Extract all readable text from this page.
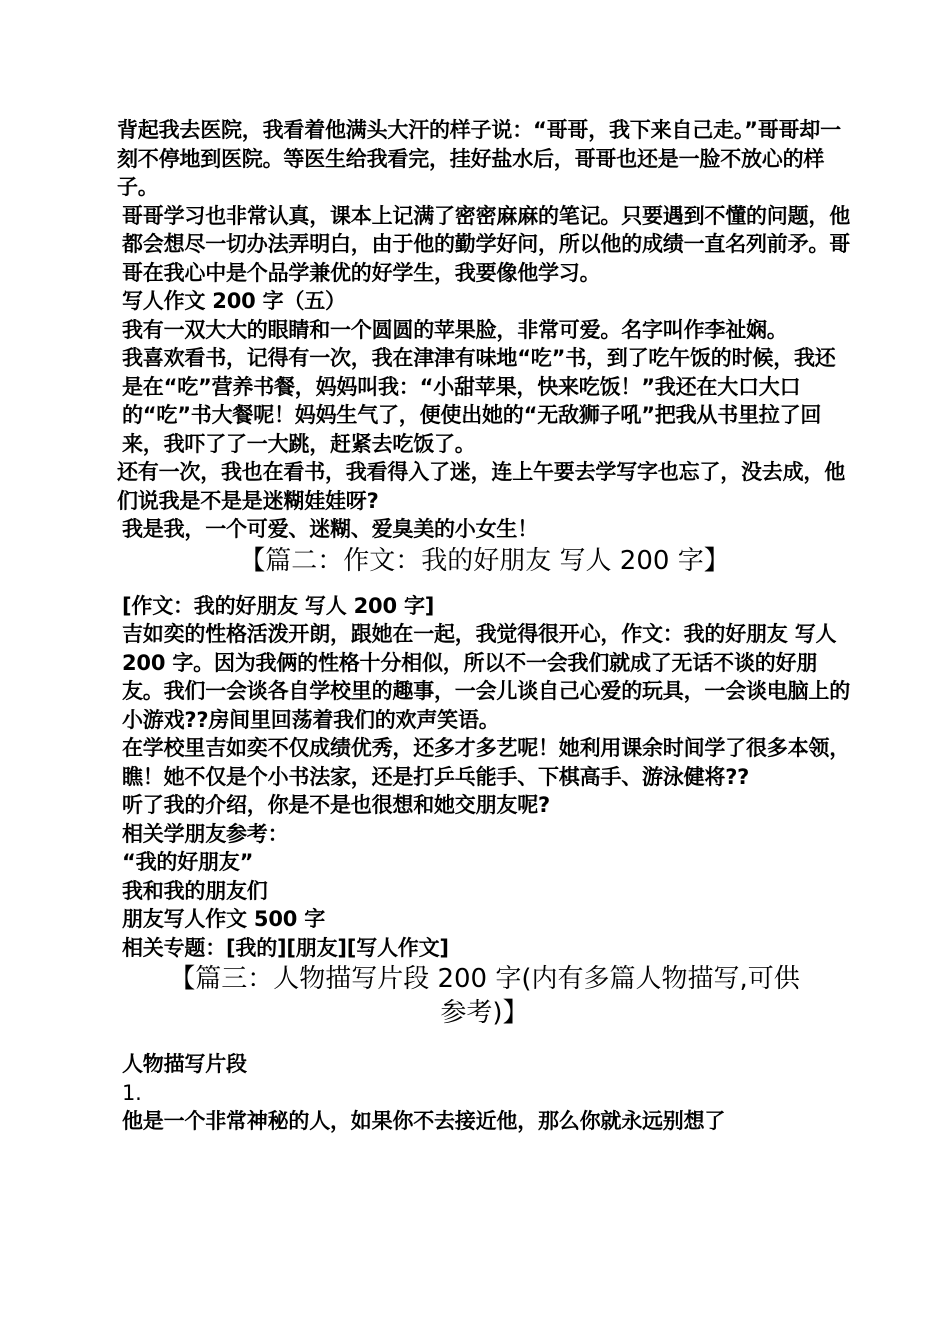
背起我去医院，我看着他满头大汗的样子说：“哥哥，我下来自己走。”哥哥却一刻不停地到医院。等医生给我看完，挂好盐水后，哥哥也还是一脸不放心的样子。

哥哥学习也非常认真，课本上记满了密密麻麻的笔记。只要遇到不懂的问题，他都会想尽一切办法弄明白，由于他的勤学好问，所以他的成绩一直名列前矛。哥哥在我心中是个品学兼优的好学生，我要像他学习。

写人作文 200 字（五）

我有一双大大的眼睛和一个圆圆的苹果脸，非常可爱。名字叫作李祉娴。

我喜欢看书，记得有一次，我在津津有味地“吃”书，到了吃午饭的时候，我还是在“吃”营养书餐，妈妈叫我：“小甜苹果，快来吃饭！”我还在大口大口的“吃”书大餐呢！妈妈生气了，便使出她的“无敌狮子吼”把我从书里拉了回来，我吓了了一大跳，赶紧去吃饭了。

还有一次，我也在看书，我看得入了迷，连上午要去学写字也忘了，没去成，他们说我是不是是迷糊娃娃呀?

我是我，一个可爱、迷糊、爱臭美的小女生！

【篇二：作文：我的好朋友 写人 200 字】

[作文：我的好朋友 写人 200 字]

吉如奕的性格活泼开朗，跟她在一起，我觉得很开心，作文：我的好朋友 写人 200 字。因为我俩的性格十分相似，所以不一会我们就成了无话不谈的好朋友。我们一会谈各自学校里的趣事，一会儿谈自己心爱的玩具，一会谈电脑上的小游戏??房间里回荡着我们的欢声笑语。

在学校里吉如奕不仅成绩优秀，还多才多艺呢！她利用课余时间学了很多本领，瞧！她不仅是个小书法家，还是打乒乓能手、下棋高手、游泳健将??

听了我的介绍，你是不是也很想和她交朋友呢?

相关学朋友参考：

“我的好朋友”

我和我的朋友们

朋友写人作文 500 字

相关专题：[我的][朋友][写人作文]

【篇三：人物描写片段 200 字(内有多篇人物描写,可供

参考)】

人物描写片段

1.

他是一个非常神秘的人，如果你不去接近他，那么你就永远别想了
